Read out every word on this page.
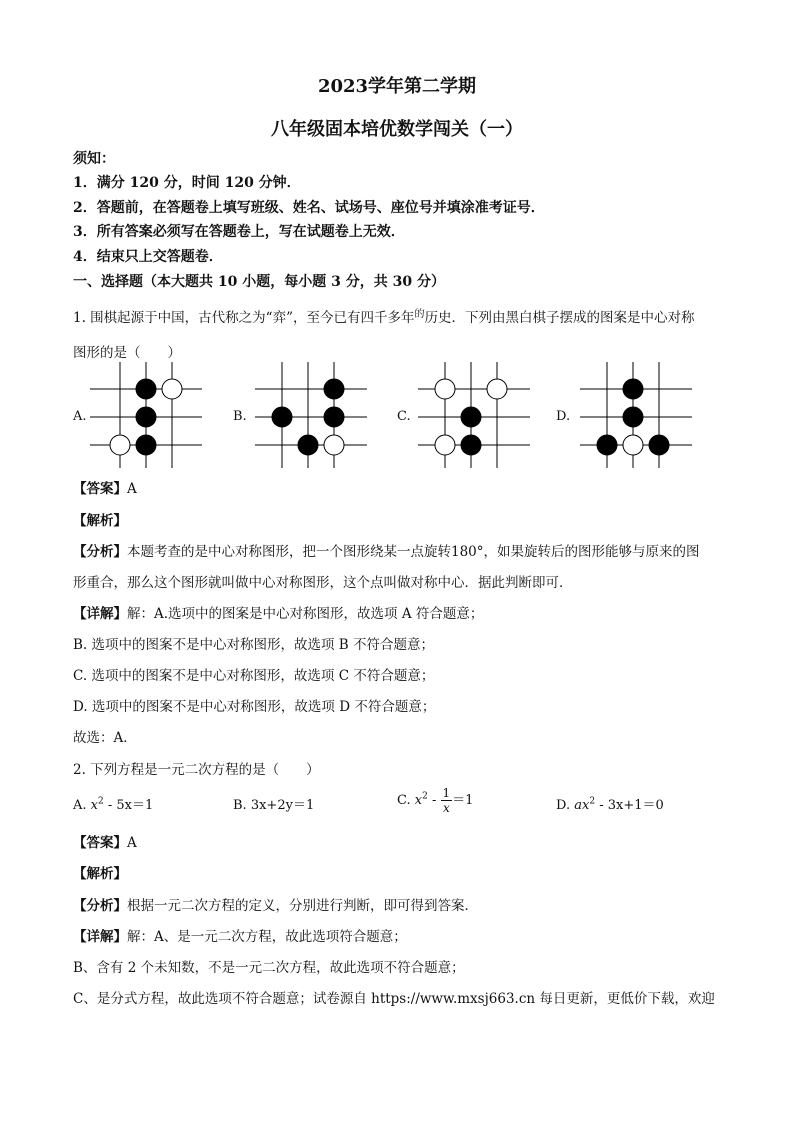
2023学年第二学期
八年级固本培优数学闯关（一）
须知：
1．满分 120 分，时间 120 分钟．
2．答题前，在答题卷上填写班级、姓名、试场号、座位号并填涂准考证号．
3．所有答案必须写在答题卷上，写在试题卷上无效．
4．结束只上交答题卷．
一、选择题（本大题共 10 小题，每小题 3 分，共 30 分）
1. 围棋起源于中国，古代称之为“弈”，至今已有四千多年$^的$历史．下列由黑白棋子摆成的图案是中心对称
图形的是（　　）
A.	B.	C.	D.
【答案】A
【解析】
【分析】本题考查的是中心对称图形，把一个图形绕某一点旋转180°，如果旋转后的图形能够与原来的图
形重合，那么这个图形就叫做中心对称图形，这个点叫做对称中心．据此判断即可．
【详解】解：A.选项中的图案是中心对称图形，故选项 A 符合题意；
B. 选项中的图案不是中心对称图形，故选项 B 不符合题意；
C. 选项中的图案不是中心对称图形，故选项 C 不符合题意；
D. 选项中的图案不是中心对称图形，故选项 D 不符合题意；
故选：A．
2. 下列方程是一元二次方程的是（　　）
A. $x^2 - 5x=1$	B. 3x+2y＝1	C. $x^2 - \frac{1}{x} =1$	D. $ax^2 - 3x+1=0$
【答案】A
【解析】
【分析】根据一元二次方程的定义，分别进行判断，即可得到答案．
【详解】解：A、是一元二次方程，故此选项符合题意；
B、含有 2 个未知数，不是一元二次方程，故此选项不符合题意；
C、是分式方程，故此选项不符合题意；试卷源自 https://www.mxsj663.cn 每日更新，更低价下载，欢迎
